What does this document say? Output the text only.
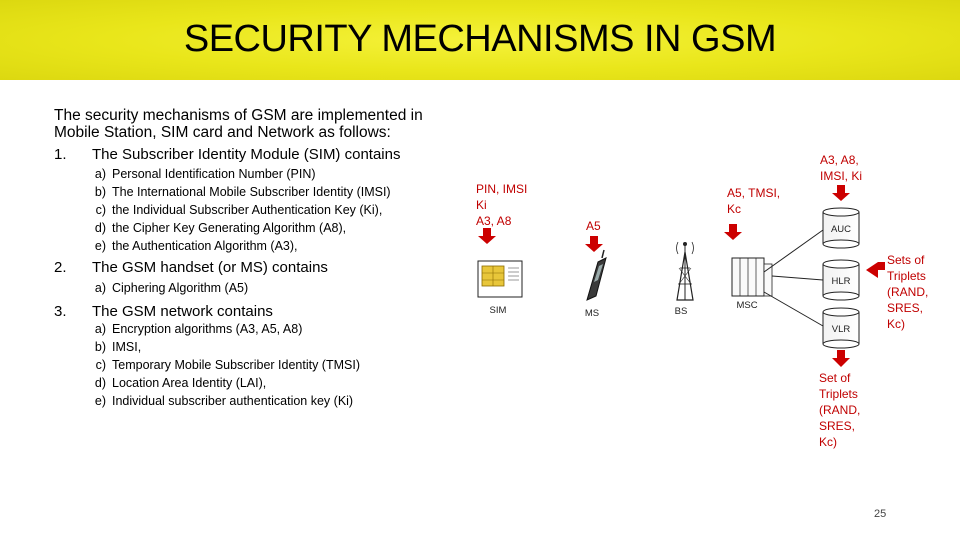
SECURITY MECHANISMS IN GSM
The security mechanisms of GSM are implemented in
Mobile Station, SIM card and Network as follows:
1. The Subscriber Identity Module (SIM) contains
a) Personal Identification Number (PIN)
b) The International Mobile Subscriber Identity (IMSI)
c) the Individual Subscriber Authentication Key (Ki),
d) the Cipher Key Generating Algorithm (A8),
e) the Authentication Algorithm (A3),
2. The GSM handset (or MS) contains
a) Ciphering Algorithm (A5)
3. The GSM network contains
a) Encryption algorithms (A3, A5, A8)
b) IMSI,
c) Temporary Mobile Subscriber Identity (TMSI)
d) Location Area Identity (LAI),
e) Individual subscriber authentication key (Ki)
SIM	MS	BS
MSC
AUC
HLR
VLR
PIN, IMSI
Ki
A3, A8	A5
A5, TMSI,
Kc
A3, A8,
IMSI, Ki
Sets of
Triplets
(RAND,
SRES,
Kc)
Set of
Triplets
(RAND,
SRES,
Kc)
25
